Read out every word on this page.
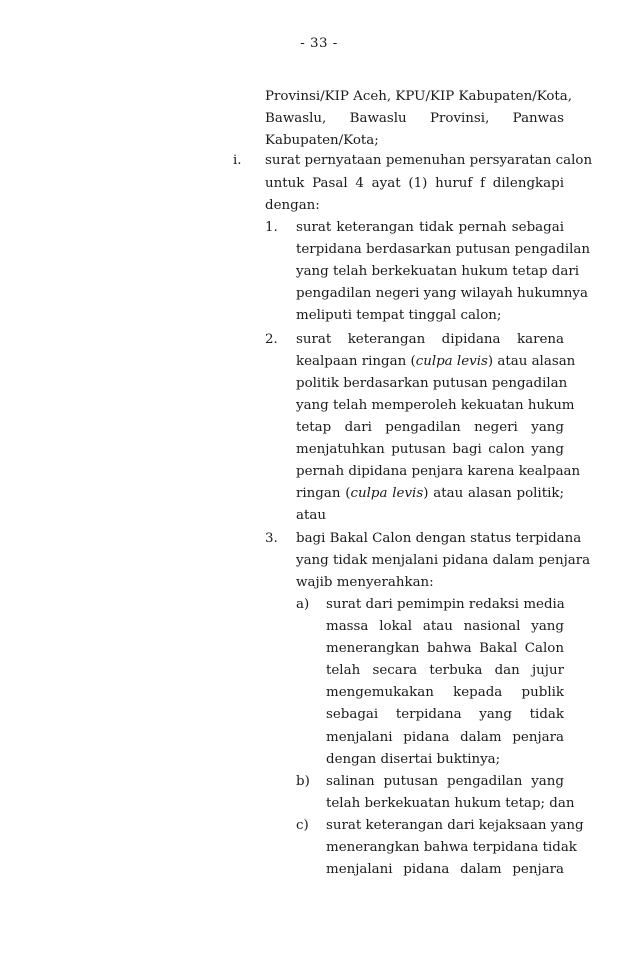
- 33 -
Provinsi/KIP Aceh, KPU/KIP Kabupaten/Kota,
Bawaslu, Bawaslu Provinsi, Panwas
Kabupaten/Kota;
i. surat pernyataan pemenuhan persyaratan calon
untuk Pasal 4 ayat (1) huruf f dilengkapi
dengan:
1. surat keterangan tidak pernah sebagai
terpidana berdasarkan putusan pengadilan
yang telah berkekuatan hukum tetap dari
pengadilan negeri yang wilayah hukumnya
meliputi tempat tinggal calon;
2. surat keterangan dipidana karena
kealpaan ringan (culpa levis) atau alasan
politik berdasarkan putusan pengadilan
yang telah memperoleh kekuatan hukum
tetap dari pengadilan negeri yang
menjatuhkan putusan bagi calon yang
pernah dipidana penjara karena kealpaan
ringan (culpa levis) atau alasan politik;
atau
3. bagi Bakal Calon dengan status terpidana
yang tidak menjalani pidana dalam penjara
wajib menyerahkan:
a) surat dari pemimpin redaksi media
massa lokal atau nasional yang
menerangkan bahwa Bakal Calon
telah secara terbuka dan jujur
mengemukakan kepada publik
sebagai terpidana yang tidak
menjalani pidana dalam penjara
dengan disertai buktinya;
b) salinan putusan pengadilan yang
telah berkekuatan hukum tetap; dan
c) surat keterangan dari kejaksaan yang
menerangkan bahwa terpidana tidak
menjalani pidana dalam penjara
